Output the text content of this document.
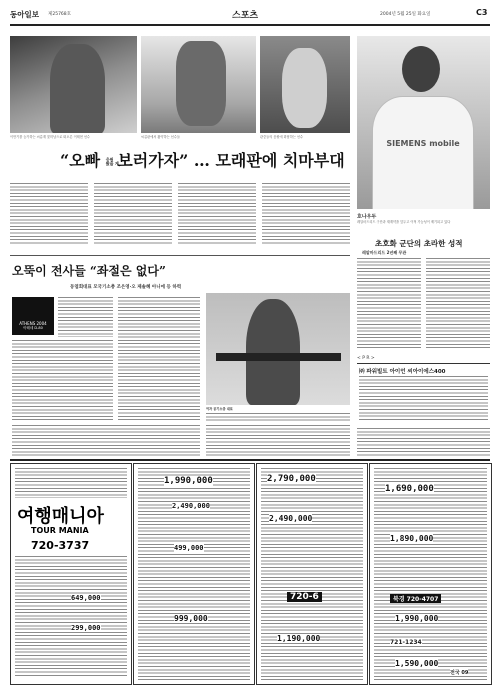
동아일보 제25768호	스포츠	2004년 5월 25일 화요일	C3
이만기를 능가하는 씨름계 꽃미남으로 떠오른 이태현 선수	씨름판에서 활약하는 선수들	관중들의 응원에 화답하는 선수
“오빠 응원
왔을 게 보러가자” … 모래판에 치마부대
SIEMENS mobile
호나우두
레알마드리드 구단과 재계약을 앞두고 이적 가능성이 제기되고 있다
초호화 군단의 초라한 성적
레알마드리드 2년째 무관
< P R >
㈜ 파워빌트 아이언 씨아이에스400
오뚝이 전사들 “좌절은 없다”
동엽회대표 모국기소총 조은영·오 제솔혜 아니에 등 하력
ATHENS 2004
아테네 D-80
여자 공기소총 대표
여행매니아
TOUR MANIA
720-3737
649,000
299,000
1,990,000
2,490,000
499,000
999,000
2,790,000
2,490,000
720-6
1,190,000
1,690,000
1,890,000
북경 720-4707
1,990,000
721-1234
1,590,000
전국 09
